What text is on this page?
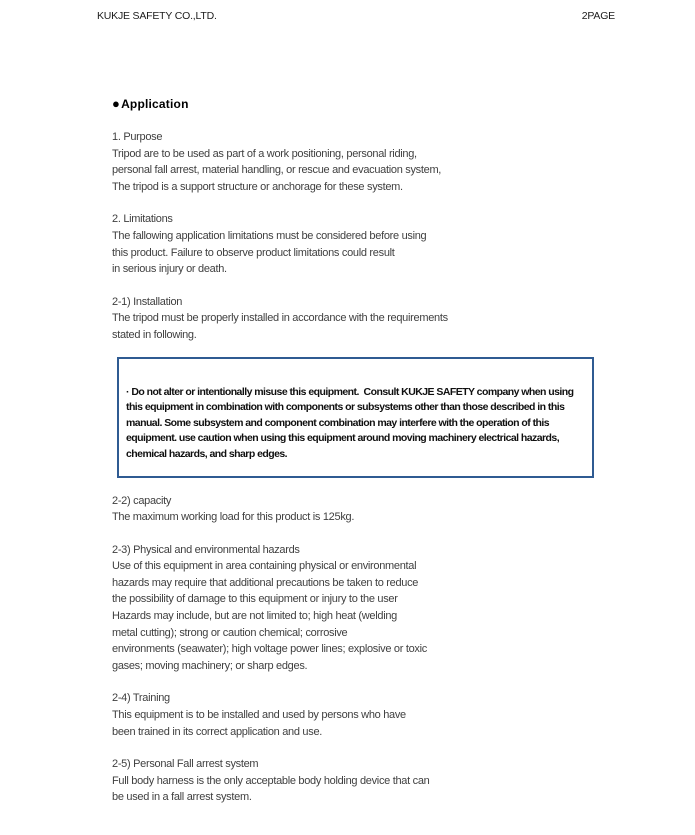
KUKJE SAFETY CO.,LTD.	2PAGE
● Application
1. Purpose
Tripod are to be used as part of a work positioning, personal riding,
personal fall arrest, material handling, or rescue and evacuation system,
The tripod is a support structure or anchorage for these system.
2. Limitations
The fallowing application limitations must be considered before using
this product. Failure to observe product limitations could result
in serious injury or death.
2-1) Installation
The tripod must be properly installed in accordance with the requirements
stated in following.
· Do not alter or intentionally misuse this equipment.  Consult KUKJE SAFETY company when using
this equipment in combination with components or subsystems other than those described in this
manual. Some subsystem and component combination may interfere with the operation of this
equipment. use caution when using this equipment around moving machinery electrical hazards,
chemical hazards, and sharp edges.
2-2) capacity
The maximum working load for this product is 125kg.
2-3) Physical and environmental hazards
Use of this equipment in area containing physical or environmental
hazards may require that additional precautions be taken to reduce
the possibility of damage to this equipment or injury to the user
Hazards may include, but are not limited to; high heat (welding
metal cutting); strong or caution chemical; corrosive
environments (seawater); high voltage power lines; explosive or toxic
gases; moving machinery; or sharp edges.
2-4) Training
This equipment is to be installed and used by persons who have
been trained in its correct application and use.
2-5) Personal Fall arrest system
Full body harness is the only acceptable body holding device that can
be used in a fall arrest system.
